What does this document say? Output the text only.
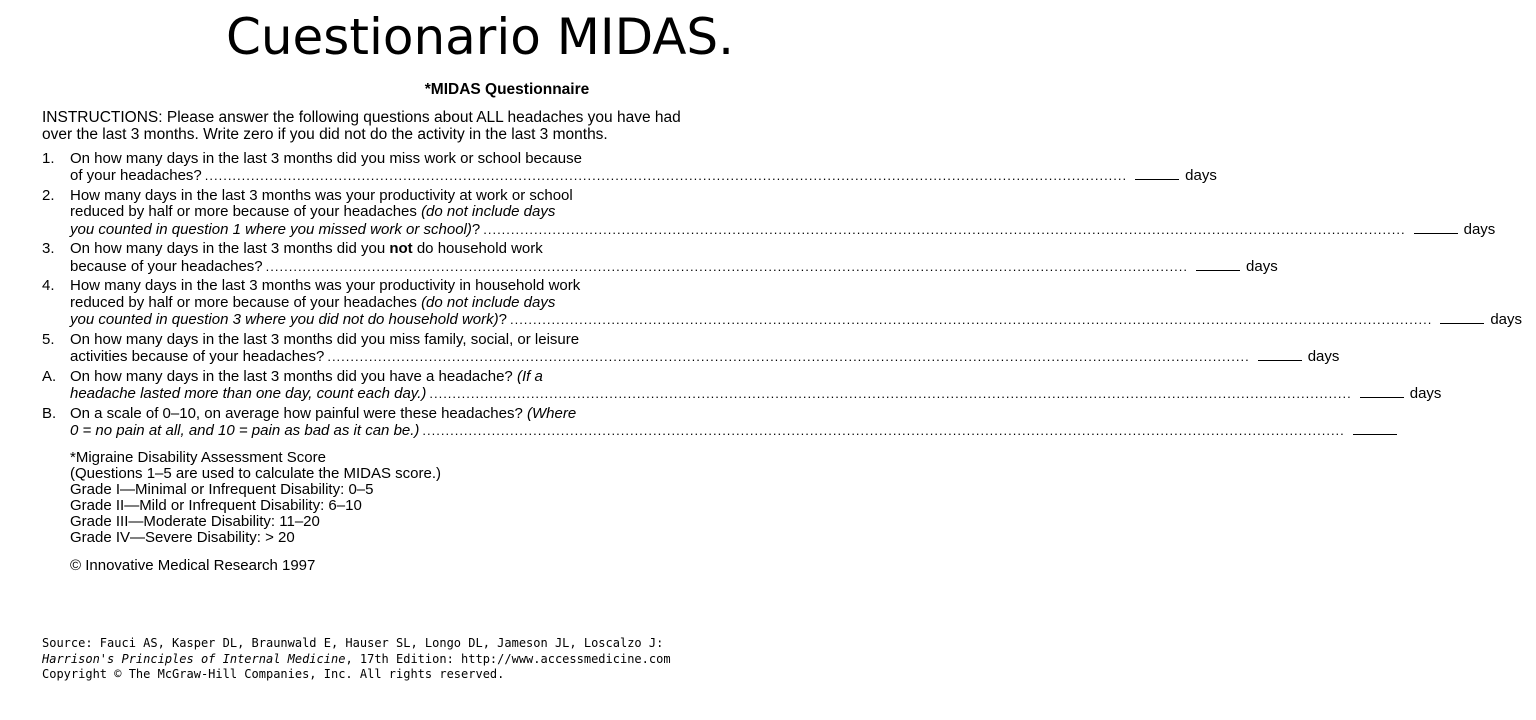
Cuestionario MIDAS.
*MIDAS Questionnaire
INSTRUCTIONS: Please answer the following questions about ALL headaches you have had
over the last 3 months. Write zero if you did not do the activity in the last 3 months.
1.	On how many days in the last 3 months did you miss work or school because
of your headaches? ........................................................................................................................................................................................................	days
2.	How many days in the last 3 months was your productivity at work or school
reduced by half or more because of your headaches (do not include days
you counted in question 1 where you missed work or school)? ........................................................................................................................................................................................................	days
3.	On how many days in the last 3 months did you not do household work
because of your headaches? ........................................................................................................................................................................................................	days
4.	How many days in the last 3 months was your productivity in household work
reduced by half or more because of your headaches (do not include days
you counted in question 3 where you did not do household work)? ........................................................................................................................................................................................................	days
5.	On how many days in the last 3 months did you miss family, social, or leisure
activities because of your headaches? ........................................................................................................................................................................................................	days
A. On how many days in the last 3 months did you have a headache? (If a
headache lasted more than one day, count each day.) ........................................................................................................................................................................................................	days
B. On a scale of 0–10, on average how painful were these headaches? (Where
0 = no pain at all, and 10 = pain as bad as it can be.) ........................................................................................................................................................................................................
*Migraine Disability Assessment Score
(Questions 1–5 are used to calculate the MIDAS score.)
Grade I—Minimal or Infrequent Disability: 0–5
Grade II—Mild or Infrequent Disability: 6–10
Grade III—Moderate Disability: 11–20
Grade IV—Severe Disability: > 20
© Innovative Medical Research 1997
Source: Fauci AS, Kasper DL, Braunwald E, Hauser SL, Longo DL, Jameson JL, Loscalzo J:
Harrison's Principles of Internal Medicine, 17th Edition: http://www.accessmedicine.com
Copyright © The McGraw-Hill Companies, Inc. All rights reserved.
